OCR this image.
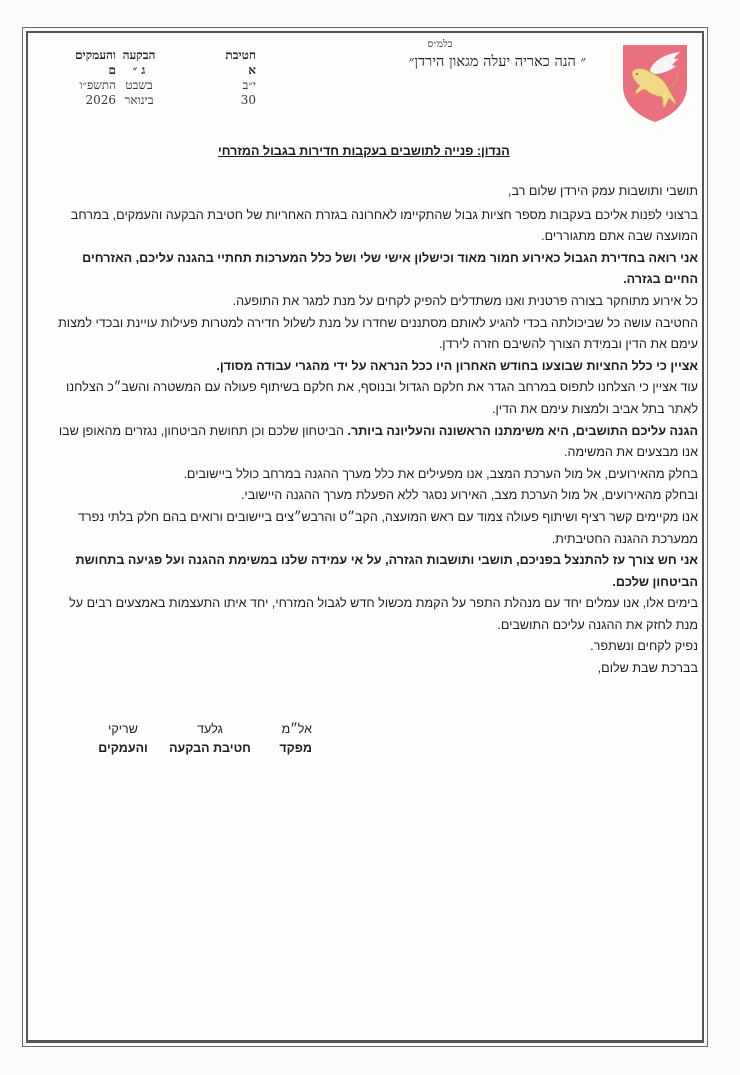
בלמ״ס
״ הנה כאריה יעלה מגאון הירדן״
חטיבת
א
י״ב
30
הבקעה
ג ״
בשבט
בינואר
והעמקים
ם
התשפ״ו
2026
הנדון: פנייה לתושבים בעקבות חדירות בגבול המזרחי

תושבי ותושבות עמק הירדן שלום רב,

ברצוני לפנות אליכם בעקבות מספר חציות גבול שהתקיימו לאחרונה בגזרת האחריות של חטיבת הבקעה והעמקים, במרחב המועצה שבה אתם מתגוררים.

אני רואה בחדירת הגבול כאירוע חמור מאוד וכישלון אישי שלי ושל כלל המערכות תחתיי בהגנה עליכם, האזרחים החיים בגזרה.

כל אירוע מתוחקר בצורה פרטנית ואנו משתדלים להפיק לקחים על מנת למגר את התופעה.

החטיבה עושה כל שביכולתה בכדי להגיע לאותם מסתננים שחדרו על מנת לשלול חדירה למטרות פעילות עויינת ובכדי למצות עימם את הדין ובמידת הצורך להשיבם חזרה לירדן.

אציין כי כלל החציות שבוצעו בחודש האחרון היו ככל הנראה על ידי מהגרי עבודה מסודן.

עוד אציין כי הצלחנו לתפוס במרחב הגדר את חלקם הגדול ובנוסף, את חלקם בשיתוף פעולה עם המשטרה והשב״כ הצלחנו לאתר בתל אביב ולמצות עימם את הדין.

הגנה עליכם התושבים, היא משימתנו הראשונה והעליונה ביותר. הביטחון שלכם וכן תחושת הביטחון, נגזרים מהאופן שבו אנו מבצעים את המשימה.

בחלק מהאירועים, אל מול הערכת המצב, אנו מפעילים את כלל מערך ההגנה במרחב כולל ביישובים.

ובחלק מהאירועים, אל מול הערכת מצב, האירוע נסגר ללא הפעלת מערך ההגנה היישובי.

אנו מקיימים קשר רציף ושיתוף פעולה צמוד עם ראש המועצה, הקב״ט והרבש״צים ביישובים ורואים בהם חלק בלתי נפרד ממערכת ההגנה החטיבתית.

אני חש צורך עז להתנצל בפניכם, תושבי ותושבות הגזרה, על אי עמידה שלנו במשימת ההגנה ועל פגיעה בתחושת הביטחון שלכם.

בימים אלו, אנו עמלים יחד עם מנהלת התפר על הקמת מכשול חדש לגבול המזרחי, יחד איתו התעצמות באמצעים רבים על מנת לחזק את ההגנה עליכם התושבים.

נפיק לקחים ונשתפר.

בברכת שבת שלום,

אל״מ
מפקד
גלעד
חטיבת הבקעה
שריקי
והעמקים
